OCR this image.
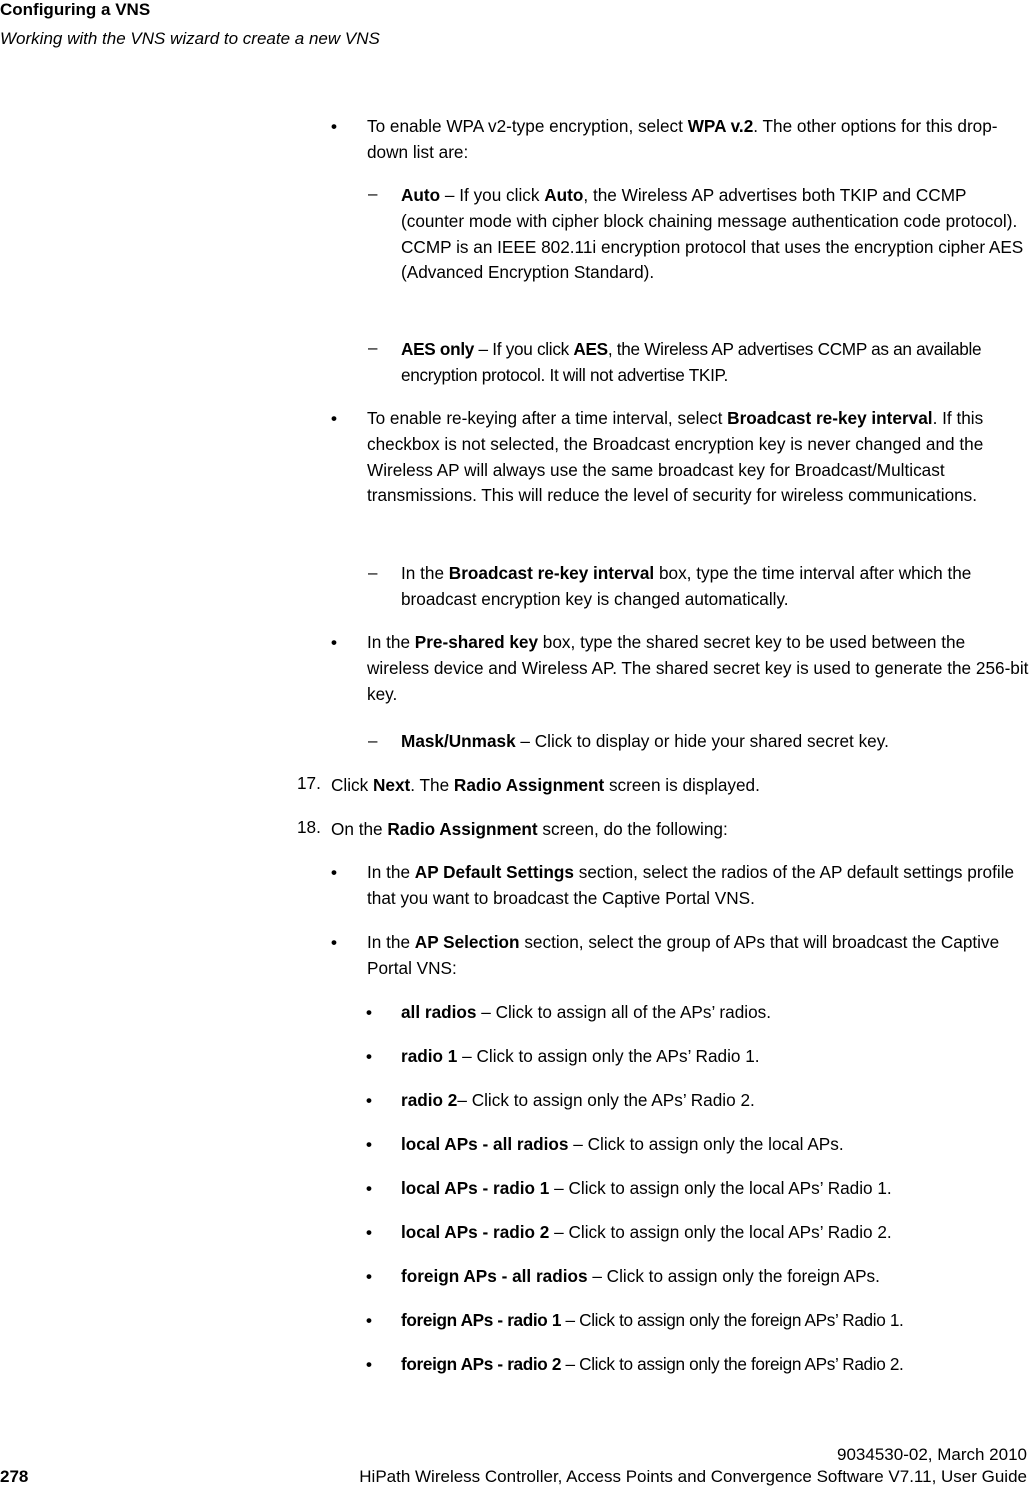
Configuring a VNS
Working with the VNS wizard to create a new VNS
• To enable WPA v2-type encryption, select WPA v.2. The other options for this drop-down list are:
– Auto – If you click Auto, the Wireless AP advertises both TKIP and CCMP (counter mode with cipher block chaining message authentication code protocol). CCMP is an IEEE 802.11i encryption protocol that uses the encryption cipher AES (Advanced Encryption Standard).
– AES only – If you click AES, the Wireless AP advertises CCMP as an available encryption protocol. It will not advertise TKIP.
• To enable re-keying after a time interval, select Broadcast re-key interval. If this checkbox is not selected, the Broadcast encryption key is never changed and the Wireless AP will always use the same broadcast key for Broadcast/Multicast transmissions. This will reduce the level of security for wireless communications.
– In the Broadcast re-key interval box, type the time interval after which the broadcast encryption key is changed automatically.
• In the Pre-shared key box, type the shared secret key to be used between the wireless device and Wireless AP. The shared secret key is used to generate the 256-bit key.
– Mask/Unmask – Click to display or hide your shared secret key.
17. Click Next. The Radio Assignment screen is displayed.
18. On the Radio Assignment screen, do the following:
• In the AP Default Settings section, select the radios of the AP default settings profile that you want to broadcast the Captive Portal VNS.
• In the AP Selection section, select the group of APs that will broadcast the Captive Portal VNS:
• all radios – Click to assign all of the APs’ radios.
• radio 1 – Click to assign only the APs’ Radio 1.
• radio 2– Click to assign only the APs’ Radio 2.
• local APs - all radios – Click to assign only the local APs.
• local APs - radio 1 – Click to assign only the local APs’ Radio 1.
• local APs - radio 2 – Click to assign only the local APs’ Radio 2.
• foreign APs - all radios – Click to assign only the foreign APs.
• foreign APs - radio 1 – Click to assign only the foreign APs’ Radio 1.
• foreign APs - radio 2 – Click to assign only the foreign APs’ Radio 2.
9034530-02, March 2010
278	HiPath Wireless Controller, Access Points and Convergence Software V7.11, User Guide
